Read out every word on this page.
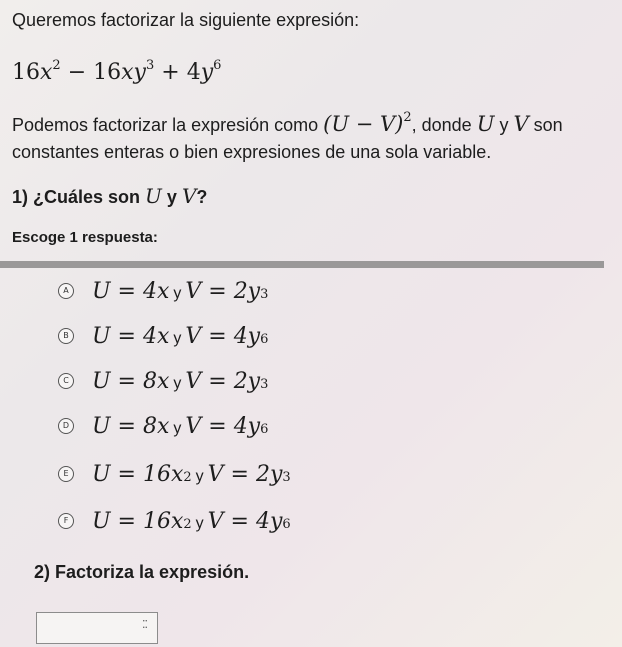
Queremos factorizar la siguiente expresión:
$16x^2 - 16xy^3 + 4y^6$
Podemos factorizar la expresión como $(U - V)^2$, donde U y V son
constantes enteras o bien expresiones de una sola variable.
1) ¿Cuáles son U y V?
Escoge 1 respuesta:
A U = 4x y V = 2y 3
B U = 4x y V = 4y 6
C U = 8x y V = 2y 3
D U = 8x y V = 4y 6
E U = 16x 2 y V = 2y 3
F U = 16x 2 y V = 4y 6
2) Factoriza la expresión.
⁚⁚
